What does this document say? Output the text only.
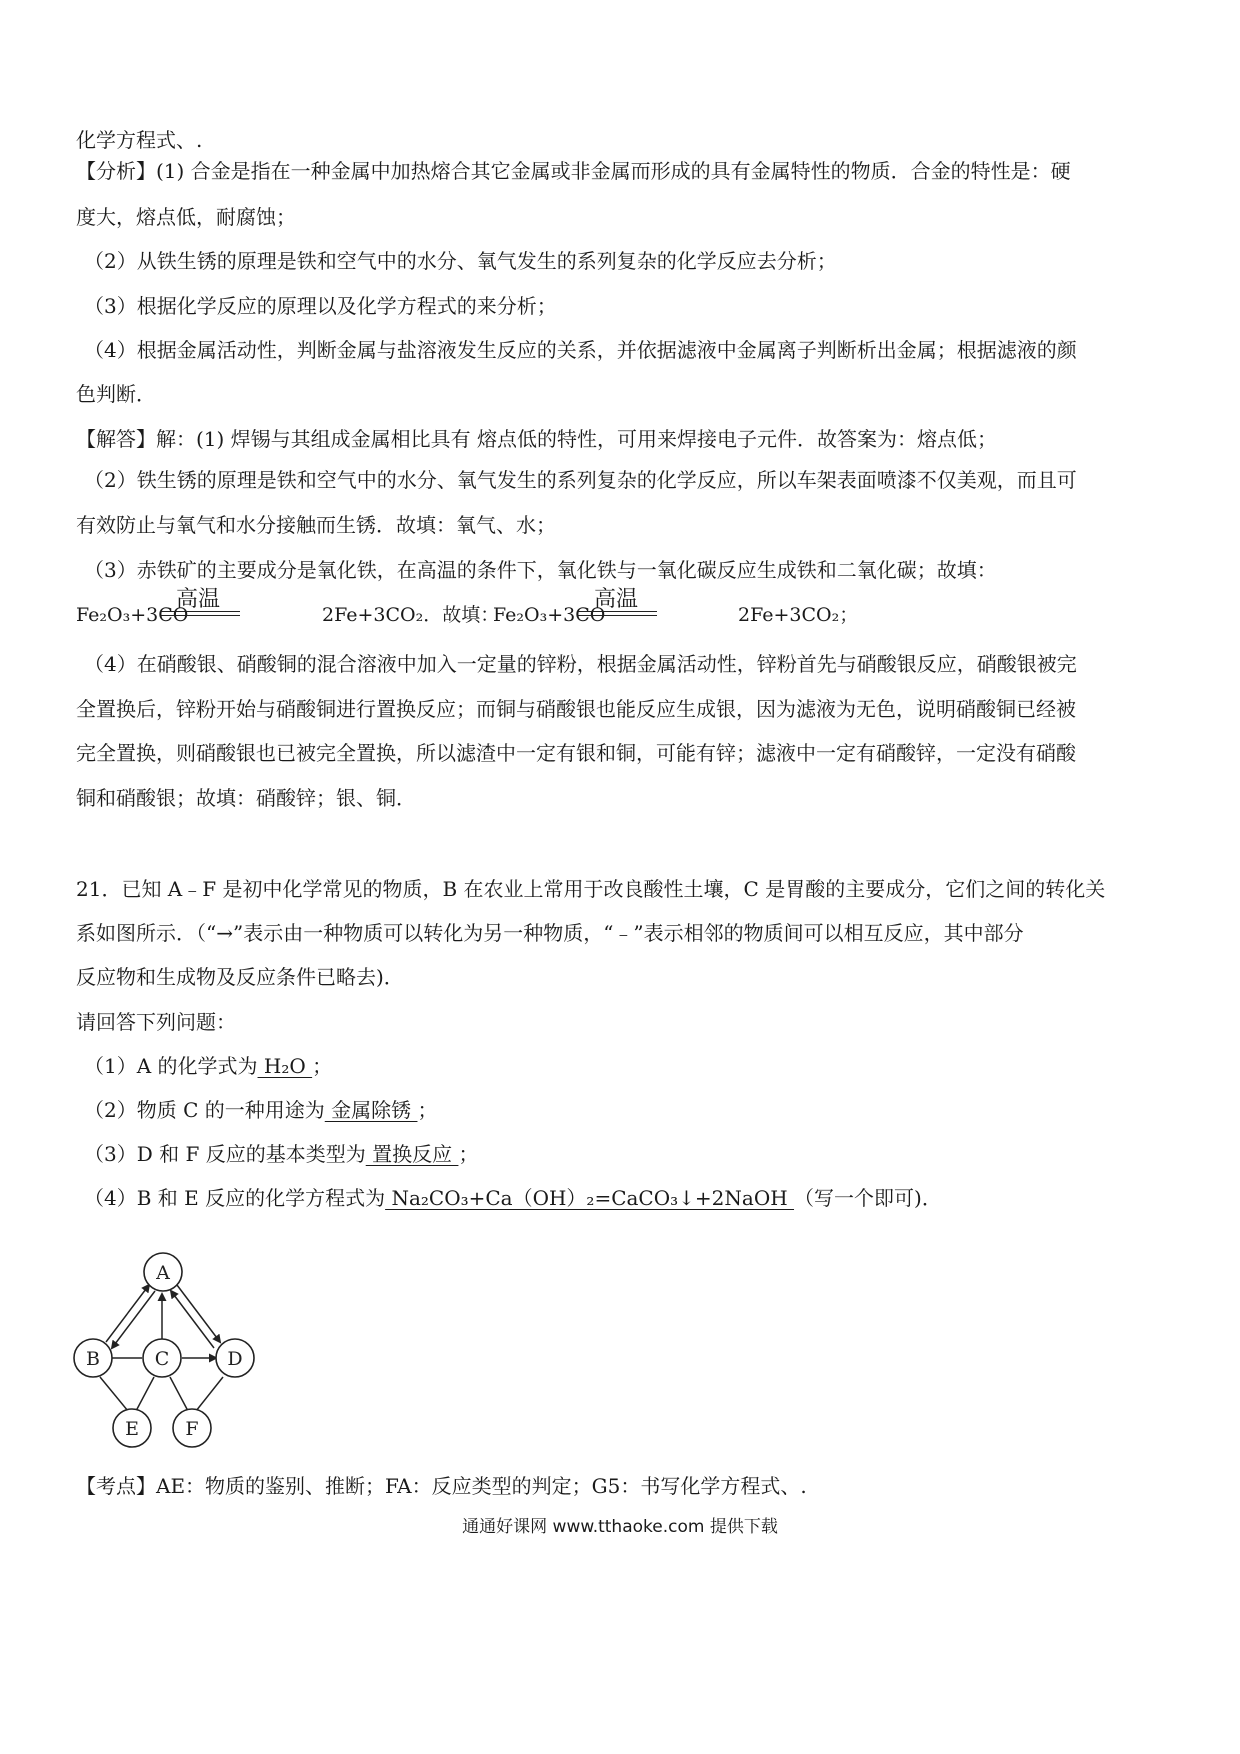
化学方程式、.
【分析】(1) 合金是指在一种金属中加热熔合其它金属或非金属而形成的具有金属特性的物质．合金的特性是：硬
度大，熔点低，耐腐蚀；
（2）从铁生锈的原理是铁和空气中的水分、氧气发生的系列复杂的化学反应去分析；
（3）根据化学反应的原理以及化学方程式的来分析；
（4）根据金属活动性，判断金属与盐溶液发生反应的关系，并依据滤液中金属离子判断析出金属；根据滤液的颜
色判断．
【解答】解：(1) 焊锡与其组成金属相比具有 熔点低的特性，可用来焊接电子元件．故答案为：熔点低；
（2）铁生锈的原理是铁和空气中的水分、氧气发生的系列复杂的化学反应，所以车架表面喷漆不仅美观，而且可
有效防止与氧气和水分接触而生锈．故填：氧气、水；
（3）赤铁矿的主要成分是氧化铁，在高温的条件下，氧化铁与一氧化碳反应生成铁和二氧化碳；故填：
Fe₂O₃+3CO
高温
2Fe+3CO₂．故填：
Fe₂O₃+3CO
高温
2Fe+3CO₂；
（4）在硝酸银、硝酸铜的混合溶液中加入一定量的锌粉，根据金属活动性，锌粉首先与硝酸银反应，硝酸银被完
全置换后，锌粉开始与硝酸铜进行置换反应；而铜与硝酸银也能反应生成银，因为滤液为无色，说明硝酸铜已经被
完全置换，则硝酸银也已被完全置换，所以滤渣中一定有银和铜，可能有锌；滤液中一定有硝酸锌，一定没有硝酸
铜和硝酸银；故填：硝酸锌；银、铜．
21．已知 A﹣F 是初中化学常见的物质，B 在农业上常用于改良酸性土壤，C 是胃酸的主要成分，它们之间的转化关
系如图所示．（“→”表示由一种物质可以转化为另一种物质，“﹣”表示相邻的物质间可以相互反应，其中部分
反应物和生成物及反应条件已略去)．
请回答下列问题：
（1）A 的化学式为 H₂O ；
（2）物质 C 的一种用途为 金属除锈 ；
（3）D 和 F 反应的基本类型为 置换反应 ；
（4）B 和 E 反应的化学方程式为 Na₂CO₃+Ca（OH）₂=CaCO₃↓+2NaOH （写一个即可)．
A
B	C	D
E F
【考点】AE：物质的鉴别、推断；FA：反应类型的判定；G5：书写化学方程式、.
通通好课网 www.tthaoke.com 提供下载
